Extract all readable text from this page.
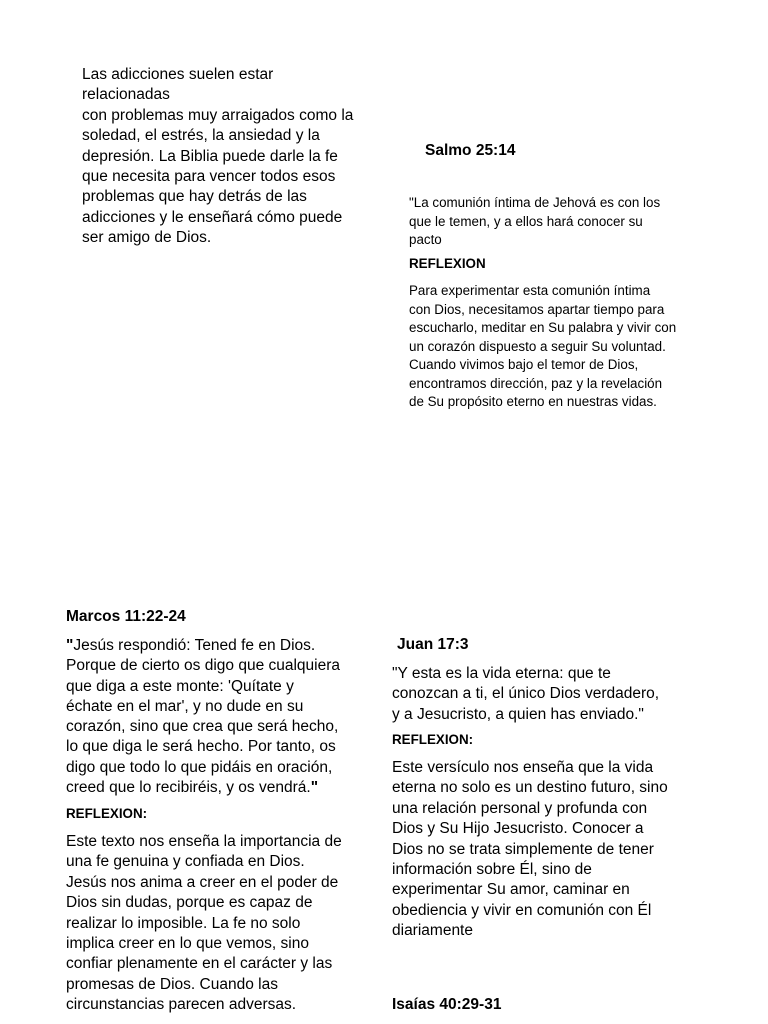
Las adicciones suelen estar
relacionadas
con problemas muy arraigados como la
soledad, el estrés, la ansiedad y la
depresión. La Biblia puede darle la fe
que necesita para vencer todos esos
problemas que hay detrás de las
adicciones y le enseñará cómo puede
ser amigo de Dios.

Salmo 25:14

"La comunión íntima de Jehová es con los
que le temen, y a ellos hará conocer su
pacto

REFLEXION

Para experimentar esta comunión íntima
con Dios, necesitamos apartar tiempo para
escucharlo, meditar en Su palabra y vivir con
un corazón dispuesto a seguir Su voluntad.
Cuando vivimos bajo el temor de Dios,
encontramos dirección, paz y la revelación
de Su propósito eterno en nuestras vidas.

Marcos 11:22-24

"Jesús respondió: Tened fe en Dios.
Porque de cierto os digo que cualquiera
que diga a este monte: 'Quítate y
échate en el mar', y no dude en su
corazón, sino que crea que será hecho,
lo que diga le será hecho. Por tanto, os
digo que todo lo que pidáis en oración,
creed que lo recibiréis, y os vendrá."

REFLEXION:

Este texto nos enseña la importancia de
una fe genuina y confiada en Dios.
Jesús nos anima a creer en el poder de
Dios sin dudas, porque es capaz de
realizar lo imposible. La fe no solo
implica creer en lo que vemos, sino
confiar plenamente en el carácter y las
promesas de Dios. Cuando las
circunstancias parecen adversas.

Juan 17:3

"Y esta es la vida eterna: que te
conozcan a ti, el único Dios verdadero,
y a Jesucristo, a quien has enviado."

REFLEXION:

Este versículo nos enseña que la vida
eterna no solo es un destino futuro, sino
una relación personal y profunda con
Dios y Su Hijo Jesucristo. Conocer a
Dios no se trata simplemente de tener
información sobre Él, sino de
experimentar Su amor, caminar en
obediencia y vivir en comunión con Él
diariamente

Isaías 40:29-31
